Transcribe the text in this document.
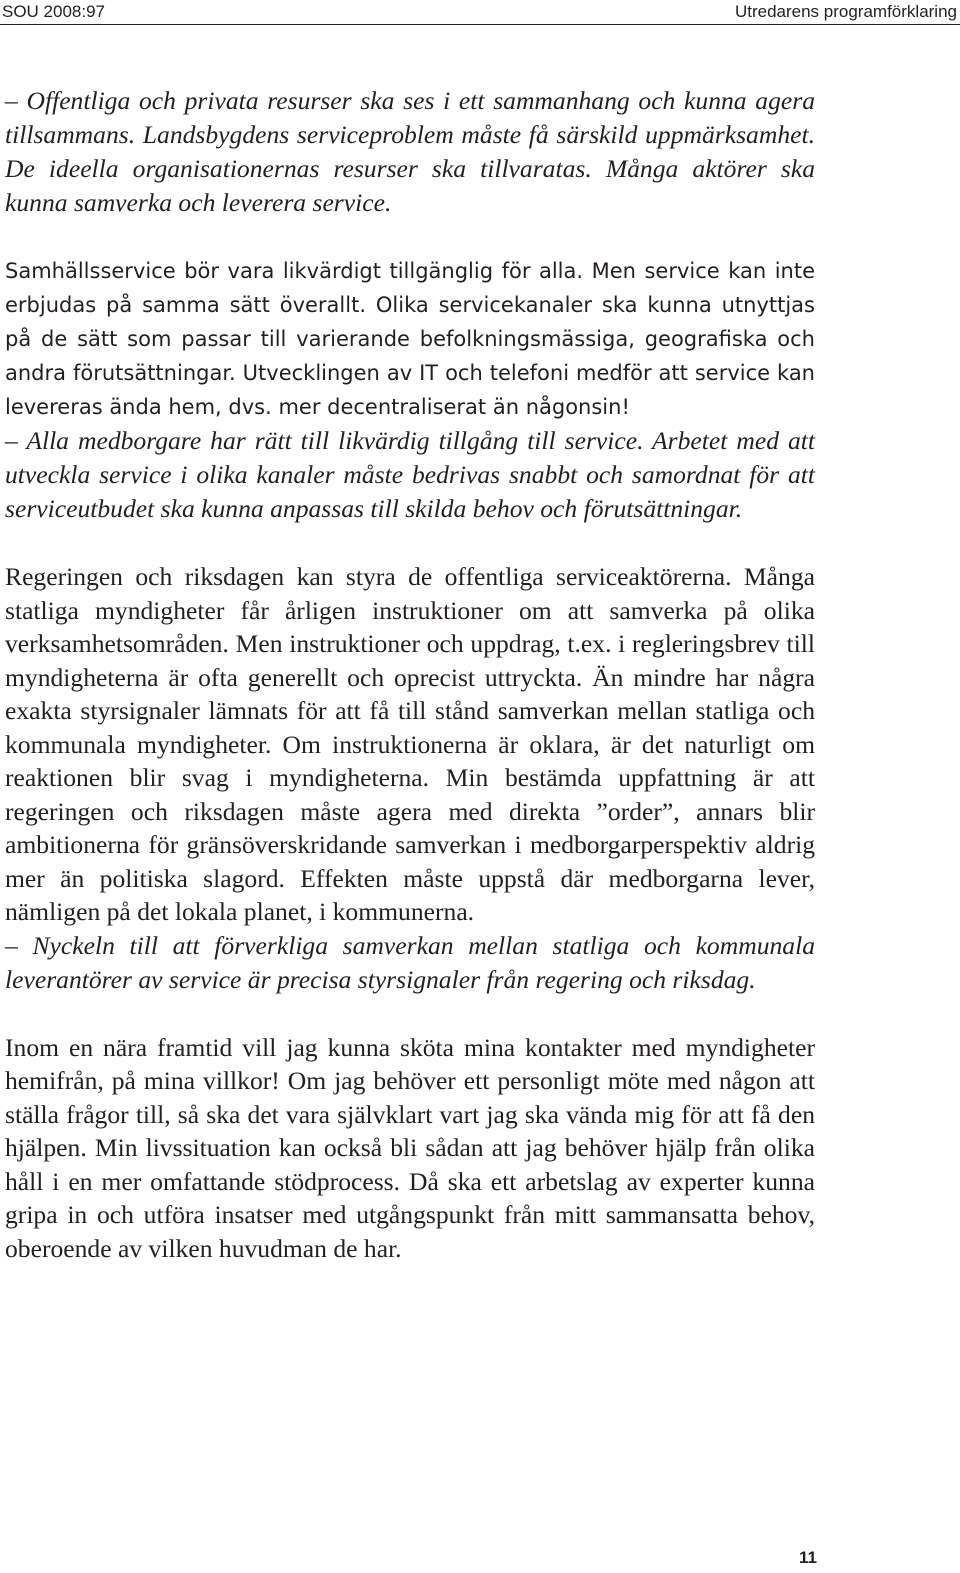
SOU 2008:97	Utredarens programförklaring

– Offentliga och privata resurser ska ses i ett sammanhang och kunna agera tillsammans. Landsbygdens serviceproblem måste få särskild uppmärksamhet. De ideella organisationernas resurser ska tillvaratas. Många aktörer ska kunna samverka och leverera service.

Samhällsservice bör vara likvärdigt tillgänglig för alla. Men service kan inte erbjudas på samma sätt överallt. Olika servicekanaler ska kunna utnyttjas på de sätt som passar till varierande befolkningsmässiga, geografiska och andra förutsättningar. Utvecklingen av IT och telefoni medför att service kan levereras ända hem, dvs. mer decentraliserat än någonsin!

– Alla medborgare har rätt till likvärdig tillgång till service. Arbetet med att utveckla service i olika kanaler måste bedrivas snabbt och samordnat för att serviceutbudet ska kunna anpassas till skilda behov och förutsättningar.

Regeringen och riksdagen kan styra de offentliga serviceaktörerna. Många statliga myndigheter får årligen instruktioner om att samverka på olika verksamhetsområden. Men instruktioner och uppdrag, t.ex. i regleringsbrev till myndigheterna är ofta generellt och oprecist uttryckta. Än mindre har några exakta styrsignaler lämnats för att få till stånd samverkan mellan statliga och kommunala myndigheter. Om instruktionerna är oklara, är det naturligt om reaktionen blir svag i myndigheterna. Min bestämda uppfattning är att regeringen och riksdagen måste agera med direkta ”order”, annars blir ambitionerna för gränsöverskridande samverkan i medborgarperspektiv aldrig mer än politiska slagord. Effekten måste uppstå där medborgarna lever, nämligen på det lokala planet, i kommunerna.

– Nyckeln till att förverkliga samverkan mellan statliga och kommunala leverantörer av service är precisa styrsignaler från regering och riksdag.

Inom en nära framtid vill jag kunna sköta mina kontakter med myndigheter hemifrån, på mina villkor! Om jag behöver ett personligt möte med någon att ställa frågor till, så ska det vara självklart vart jag ska vända mig för att få den hjälpen. Min livssituation kan också bli sådan att jag behöver hjälp från olika håll i en mer omfattande stödprocess. Då ska ett arbetslag av experter kunna gripa in och utföra insatser med utgångspunkt från mitt sammansatta behov, oberoende av vilken huvudman de har.

11
